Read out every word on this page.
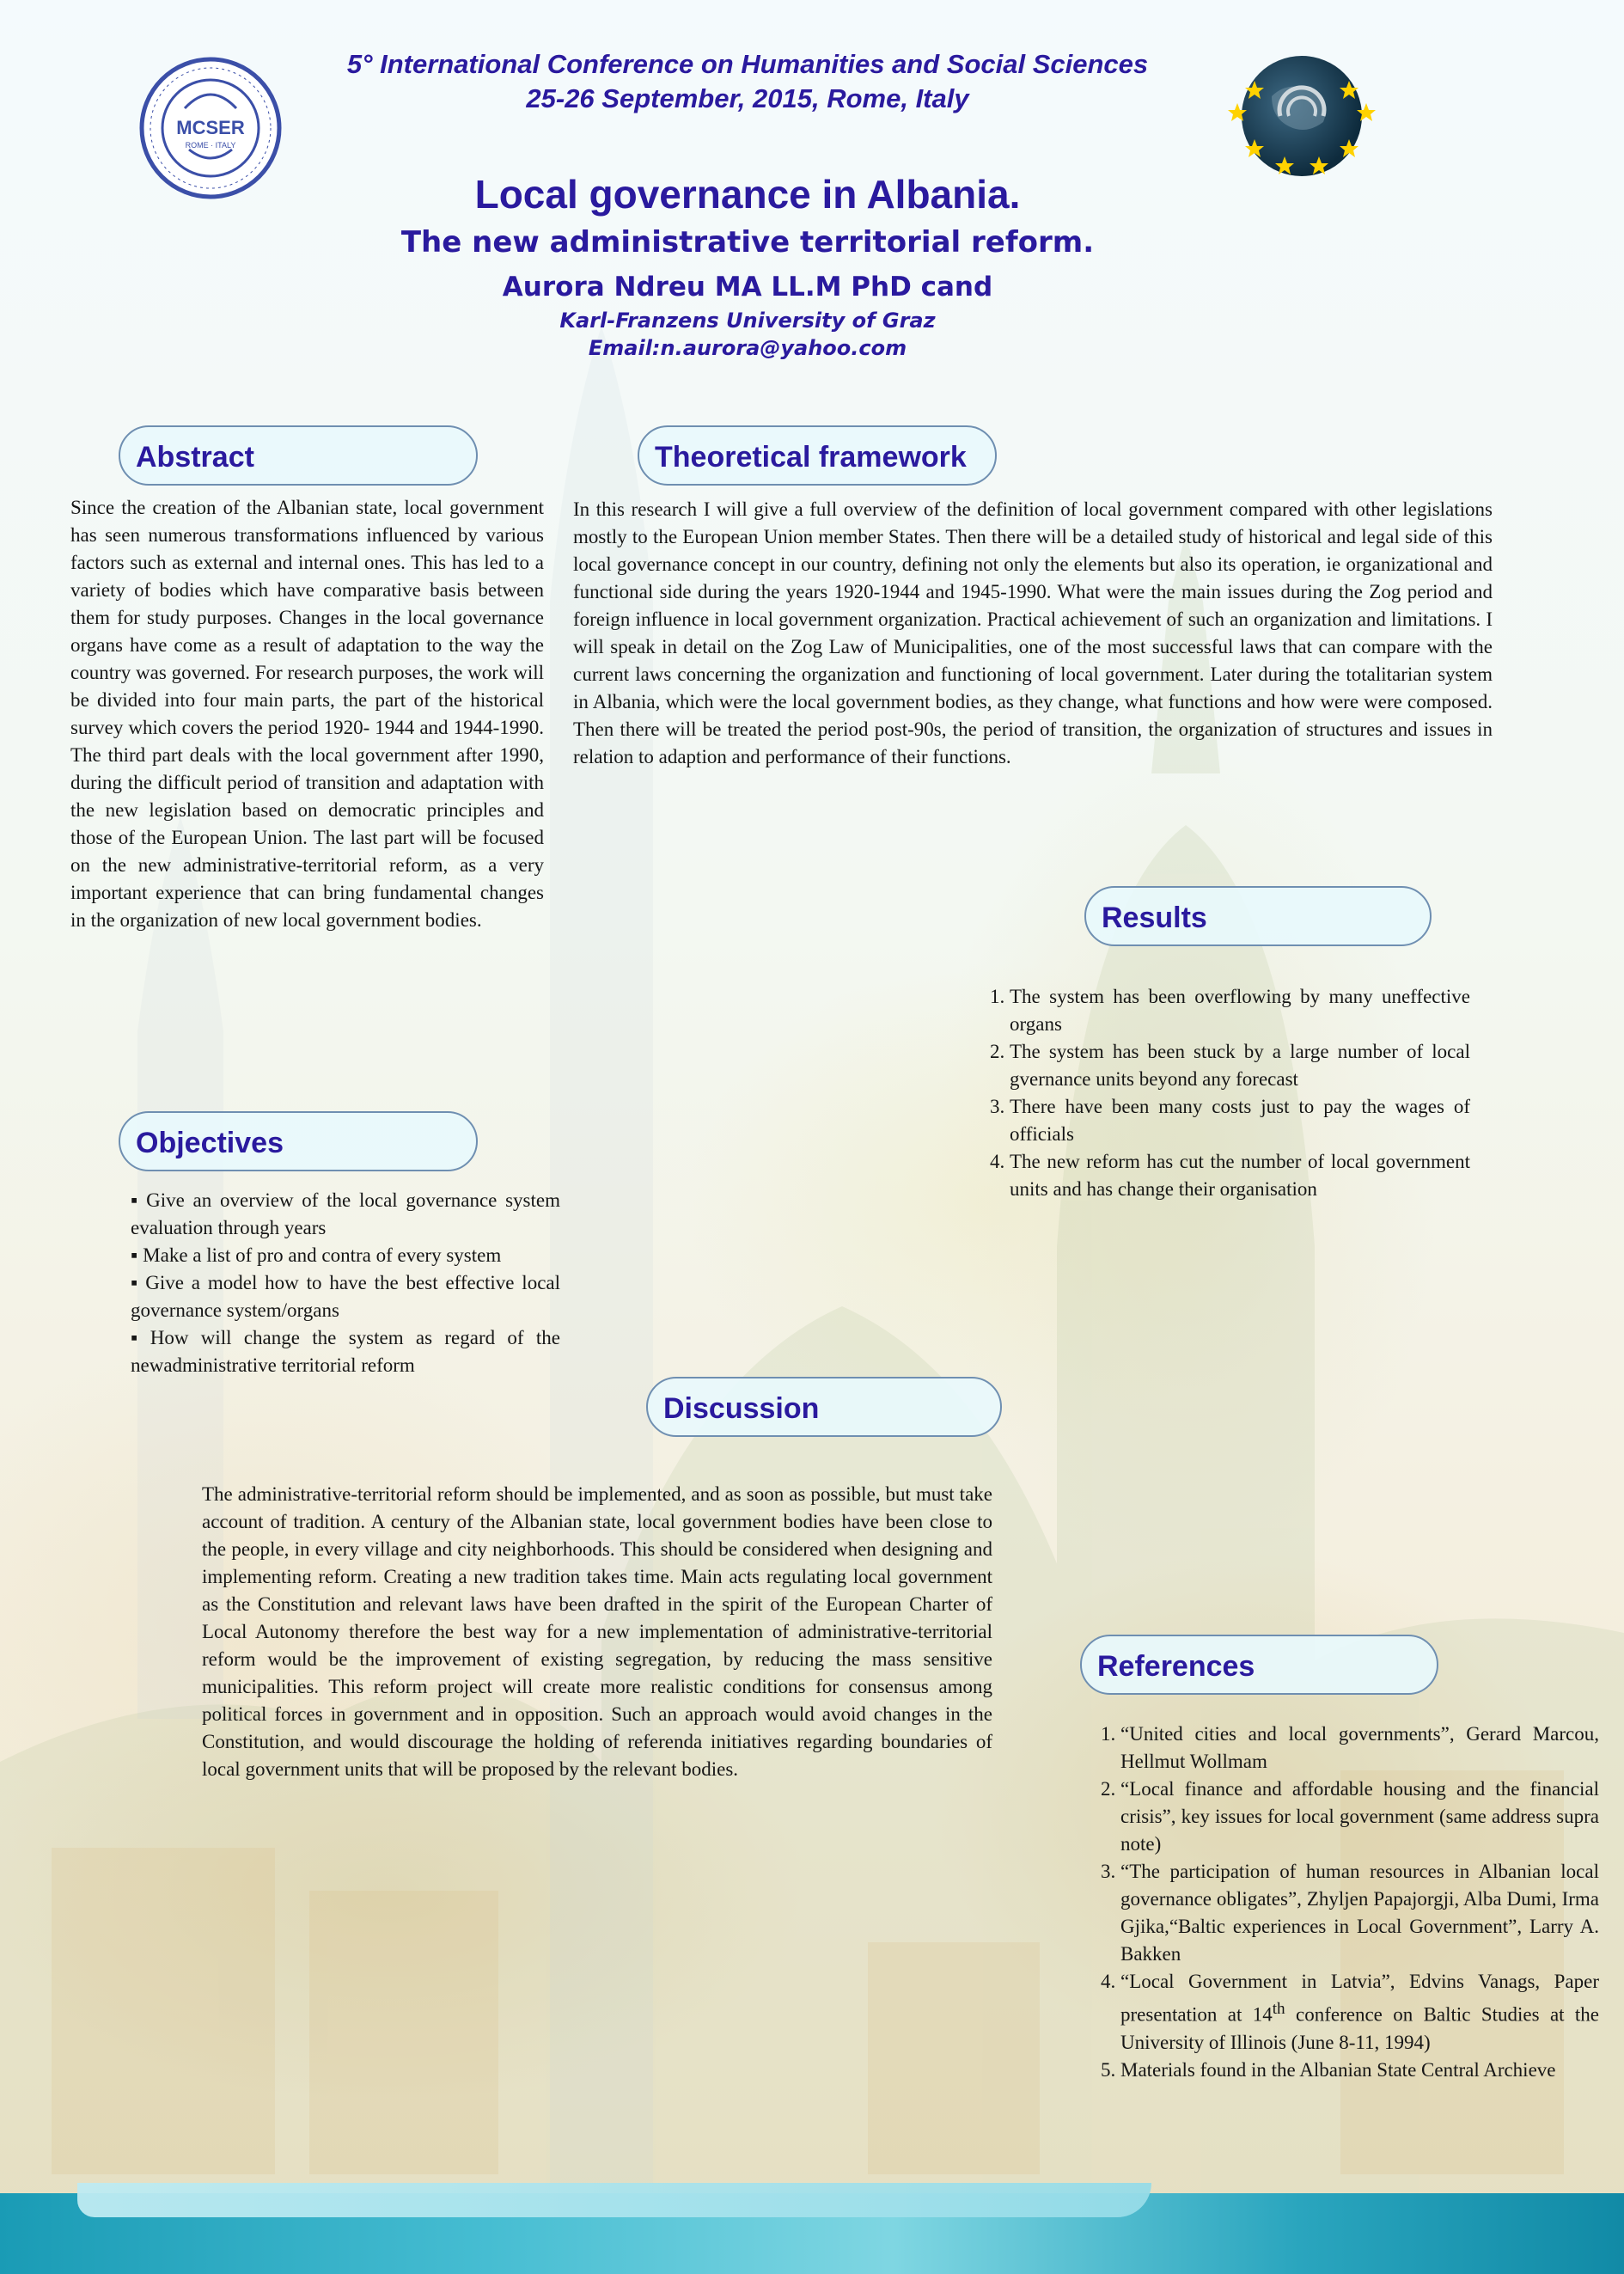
MCSER
ROME · ITALY
5° International Conference on Humanities and Social Sciences
25-26 September, 2015, Rome, Italy
Local governance in Albania.
The new administrative territorial reform.
Aurora Ndreu MA LL.M PhD cand
Karl-Franzens University of Graz
Email:n.aurora@yahoo.com
Abstract
Since the creation of the Albanian state, local government has seen numerous transformations influenced by various factors such as external and internal ones. This has led to a variety of bodies which have comparative basis between them for study purposes. Changes in the local governance organs have come as a result of adaptation to the way the country was governed. For research purposes, the work will be divided into four main parts, the part of the historical survey which covers the period 1920- 1944 and 1944-1990. The third part deals with the local government after 1990, during the difficult period of transition and adaptation with the new legislation based on democratic principles and those of the European Union. The last part will be focused on the new administrative-territorial reform, as a very important experience that can bring fundamental changes in the organization of new local government bodies.
Theoretical framework
In this research I will give a full overview of the definition of local government compared with other legislations mostly to the European Union member States. Then there will be a detailed study of historical and legal side of this local governance concept in our country, defining not only the elements but also its operation, ie organizational and functional side during the years 1920-1944 and 1945-1990. What were the main issues during the Zog period and foreign influence in local government organization. Practical achievement of such an organization and limitations. I will speak in detail on the Zog Law of Municipalities, one of the most successful laws that can compare with the current laws concerning the organization and functioning of local government. Later during the totalitarian system in Albania, which were the local government bodies, as they change, what functions and how were were composed. Then there will be treated the period post-90s, the period of transition, the organization of structures and issues in relation to adaption and performance of their functions.
Objectives
▪ Give an overview of the local governance system evaluation through years
▪ Make a list of pro and contra of every system
▪ Give a model how to have the best effective local governance system/organs
▪ How will change the system as regard of the newadministrative territorial reform
Results
1. The system has been overflowing by many uneffective organs
2. The system has been stuck by a large number of local gvernance units beyond any forecast
3. There have been many costs just to pay the wages of officials
4. The new reform has cut the number of local government units and has change their organisation
Discussion
The administrative-territorial reform should be implemented, and as soon as possible, but must take account of tradition. A century of the Albanian state, local government bodies have been close to the people, in every village and city neighborhoods. This should be considered when designing and implementing reform. Creating a new tradition takes time. Main acts regulating local government as the Constitution and relevant laws have been drafted in the spirit of the European Charter of Local Autonomy therefore the best way for a new implementation of administrative-territorial reform would be the improvement of existing segregation, by reducing the mass sensitive municipalities. This reform project will create more realistic conditions for consensus among political forces in government and in opposition. Such an approach would avoid changes in the Constitution, and would discourage the holding of referenda initiatives regarding boundaries of local government units that will be proposed by the relevant bodies.
References
1. “United cities and local governments”, Gerard Marcou, Hellmut Wollmam
2. “Local finance and affordable housing and the financial crisis”, key issues for local government (same address supra note)
3. “The participation of human resources in Albanian local governance obligates”, Zhyljen Papajorgji, Alba Dumi, Irma Gjika,“Baltic experiences in Local Government”, Larry A. Bakken
4. “Local Government in Latvia”, Edvins Vanags, Paper presentation at 14th conference on Baltic Studies at the University of Illinois (June 8-11, 1994)
5. Materials found in the Albanian State Central Archieve
